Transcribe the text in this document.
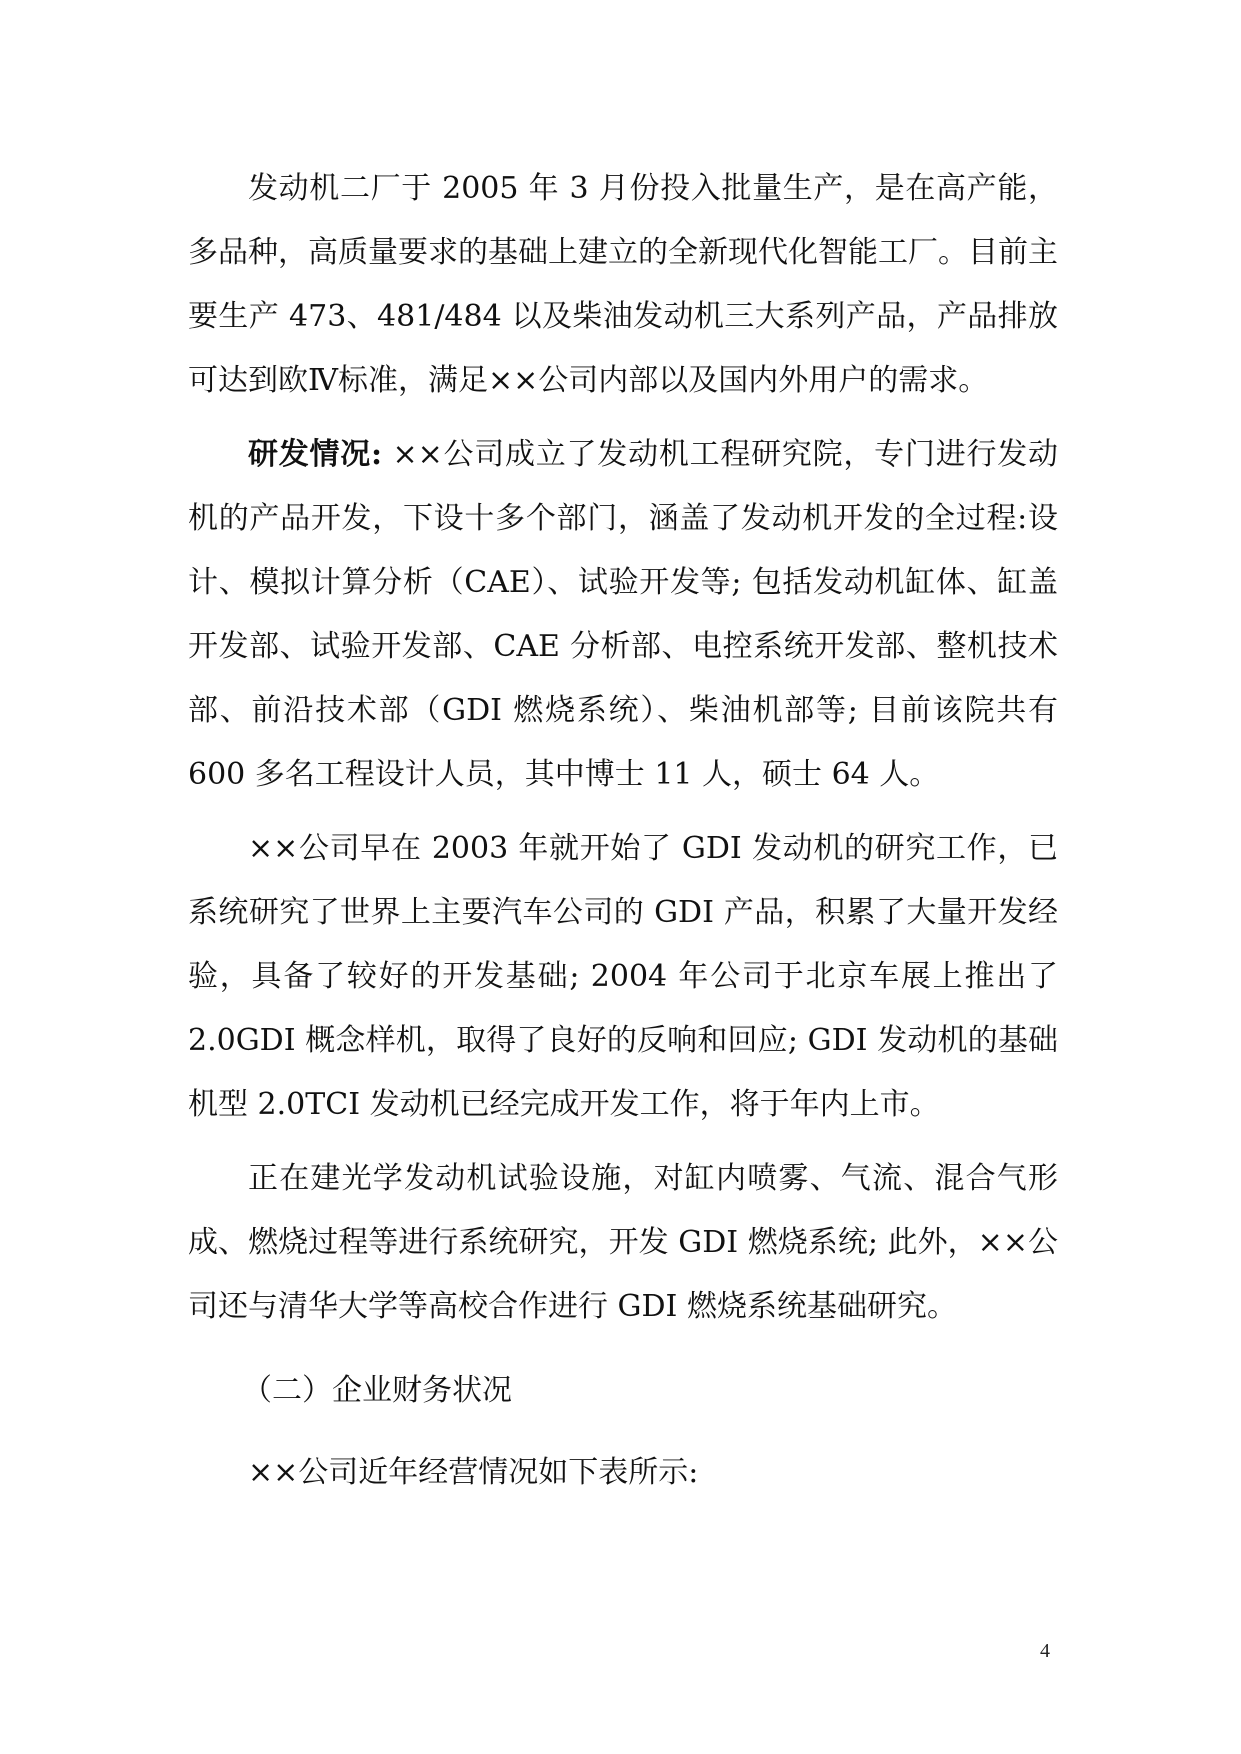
发动机二厂于 2005 年 3 月份投入批量生产，是在高产能，多品种，高质量要求的基础上建立的全新现代化智能工厂。目前主要生产 473、481/484 以及柴油发动机三大系列产品，产品排放可达到欧Ⅳ标准，满足××公司内部以及国内外用户的需求。

研发情况: ××公司成立了发动机工程研究院，专门进行发动机的产品开发，下设十多个部门，涵盖了发动机开发的全过程:设计、模拟计算分析（CAE）、试验开发等; 包括发动机缸体、缸盖开发部、试验开发部、CAE 分析部、电控系统开发部、整机技术部、前沿技术部（GDI 燃烧系统）、柴油机部等; 目前该院共有 600 多名工程设计人员，其中博士 11 人，硕士 64 人。

××公司早在 2003 年就开始了 GDI 发动机的研究工作，已系统研究了世界上主要汽车公司的 GDI 产品，积累了大量开发经验，具备了较好的开发基础; 2004 年公司于北京车展上推出了 2.0GDI 概念样机，取得了良好的反响和回应; GDI 发动机的基础机型 2.0TCI 发动机已经完成开发工作，将于年内上市。

正在建光学发动机试验设施，对缸内喷雾、气流、混合气形成、燃烧过程等进行系统研究，开发 GDI 燃烧系统; 此外，××公司还与清华大学等高校合作进行 GDI 燃烧系统基础研究。

（二）企业财务状况

××公司近年经营情况如下表所示:

4
